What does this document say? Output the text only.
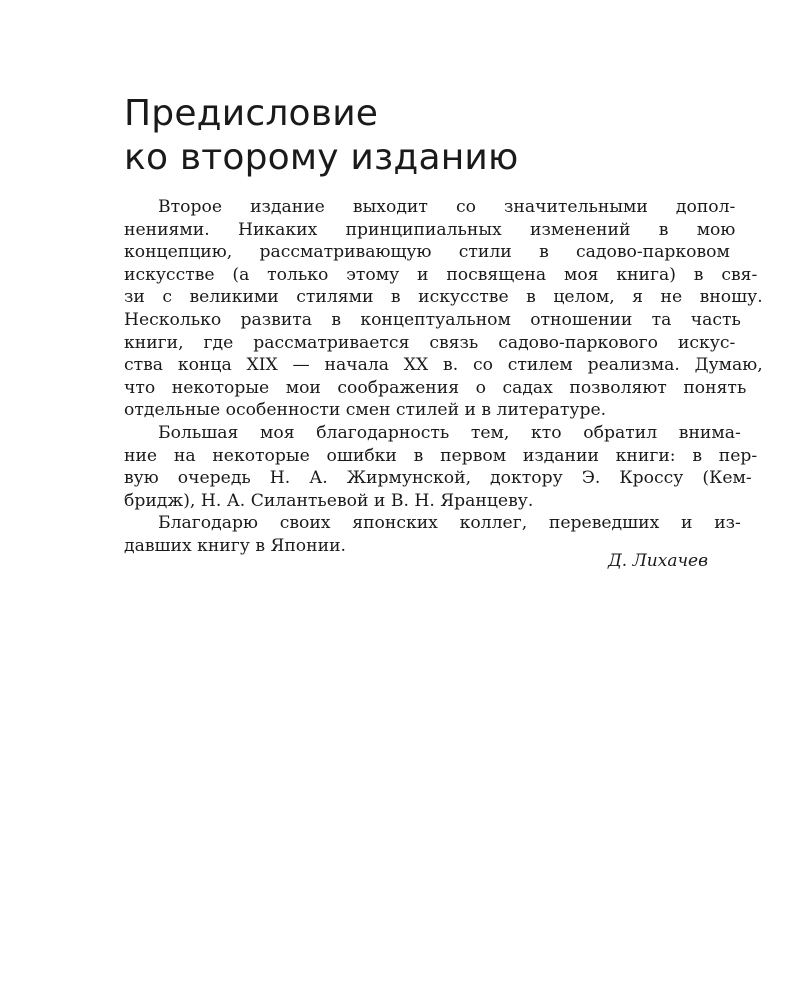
Предисловие
ко второму изданию
Второе издание выходит со значительными допол-
нениями. Никаких принципиальных изменений в мою
концепцию, рассматривающую стили в садово-парковом
искусстве (а только этому и посвящена моя книга) в свя-
зи с великими стилями в искусстве в целом, я не вношу.
Несколько развита в концептуальном отношении та часть
книги, где рассматривается связь садово-паркового искус-
ства конца XIX — начала XX в. со стилем реализма. Думаю,
что некоторые мои соображения о садах позволяют понять
отдельные особенности смен стилей и в литературе.
Большая моя благодарность тем, кто обратил внима-
ние на некоторые ошибки в первом издании книги: в пер-
вую очередь Н. А. Жирмунской, доктору Э. Кроссу (Кем-
бридж), Н. А. Силантьевой и В. Н. Яранцеву.
Благодарю своих японских коллег, переведших и из-
давших книгу в Японии.
Д. Лихачев
